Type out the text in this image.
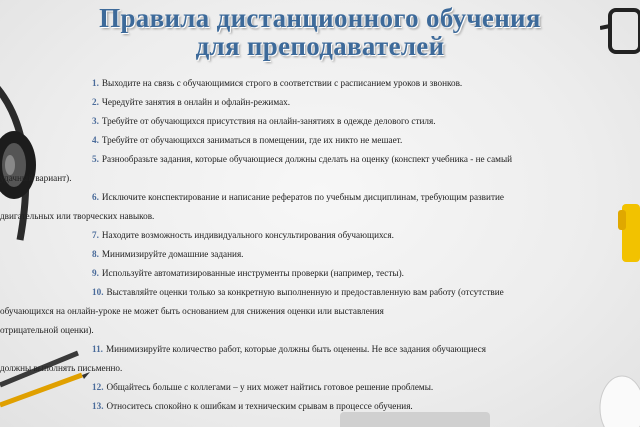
Правила дистанционного обучения
для преподавателей

1. Выходите на связь с обучающимися строго в соответствии с расписанием уроков и звонков.

2. Чередуйте занятия в онлайн и офлайн-режимах.

3. Требуйте от обучающихся присутствия на онлайн-занятиях в одежде делового стиля.

4. Требуйте от обучающихся заниматься в помещении, где их никто не мешает.

5. Разнообразьте задания, которые обучающиеся должны сделать на оценку (конспект учебника - не самый
удачный вариант).

6. Исключите конспектирование и написание рефератов по учебным дисциплинам, требующим развитие
двигательных или творческих навыков.

7. Находите возможность индивидуального консультирования обучающихся.

8. Минимизируйте домашние задания.

9. Используйте автоматизированные инструменты проверки (например, тесты).

10. Выставляйте оценки только за конкретную выполненную и предоставленную вам работу (отсутствие
обучающихся на онлайн-уроке не может быть основанием для снижения оценки или выставления
отрицательной оценки).

11. Минимизируйте количество работ, которые должны быть оценены. Не все задания обучающиеся
должны выполнять письменно.

12. Общайтесь больше с коллегами – у них может найтись готовое решение проблемы.

13. Относитесь спокойно к ошибкам и техническим срывам в процессе обучения.
